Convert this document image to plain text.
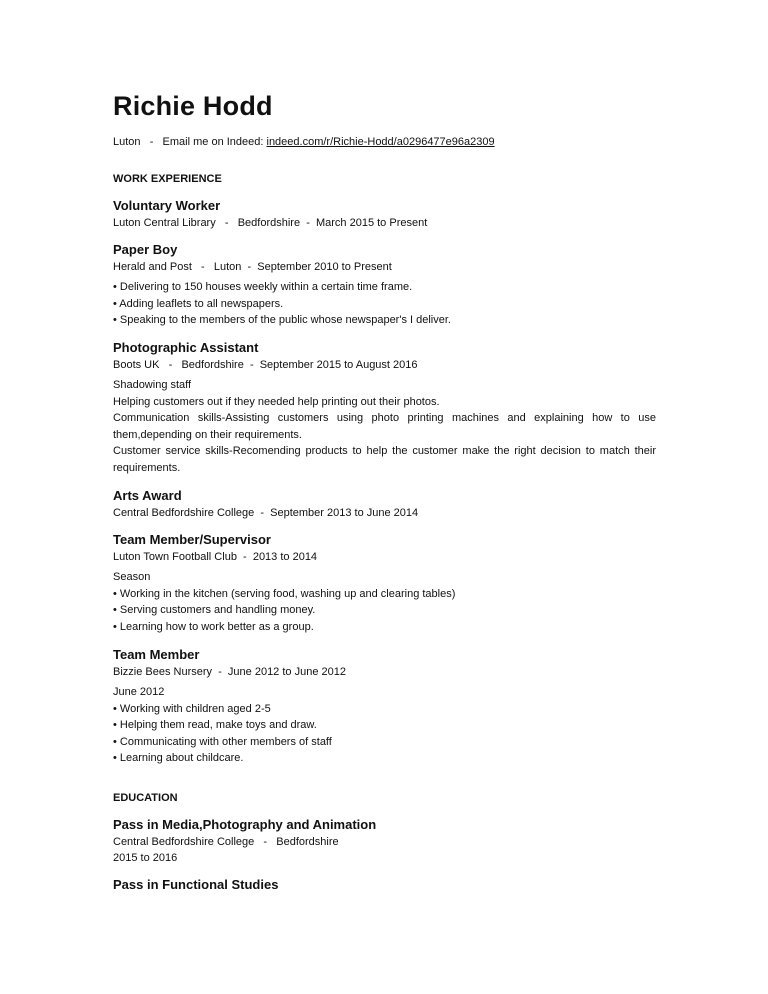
Richie Hodd
Luton - Email me on Indeed: indeed.com/r/Richie-Hodd/a0296477e96a2309
WORK EXPERIENCE
Voluntary Worker
Luton Central Library   -   Bedfordshire  -  March 2015 to Present
Paper Boy
Herald and Post   -   Luton  -  September 2010 to Present
• Delivering to 150 houses weekly within a certain time frame.
• Adding leaflets to all newspapers.
• Speaking to the members of the public whose newspaper's I deliver.
Photographic Assistant
Boots UK   -   Bedfordshire  -  September 2015 to August 2016
Shadowing staff
Helping customers out if they needed help printing out their photos.
Communication skills-Assisting customers using photo printing machines and explaining how to use them,depending on their requirements.
Customer service skills-Recomending products to help the customer make the right decision to match their requirements.
Arts Award
Central Bedfordshire College  -  September 2013 to June 2014
Team Member/Supervisor
Luton Town Football Club  -  2013 to 2014
Season
• Working in the kitchen (serving food, washing up and clearing tables)
• Serving customers and handling money.
• Learning how to work better as a group.
Team Member
Bizzie Bees Nursery  -  June 2012 to June 2012
June 2012
• Working with children aged 2-5
• Helping them read, make toys and draw.
• Communicating with other members of staff
• Learning about childcare.
EDUCATION
Pass in Media,Photography and Animation
Central Bedfordshire College   -   Bedfordshire
2015 to 2016
Pass in Functional Studies
